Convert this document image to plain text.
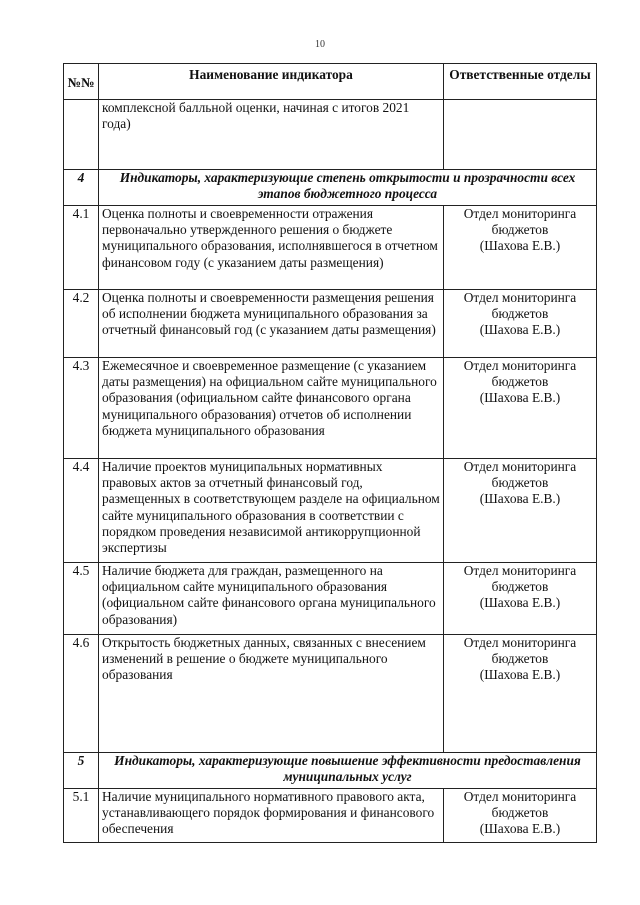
10
№№	Наименование индикатора	Ответственные отделы
	комплексной балльной оценки, начиная с итогов 2021 года)	
4	Индикаторы, характеризующие степень открытости и прозрачности всех этапов бюджетного процесса	
4.1	Оценка полноты и своевременности отражения первоначально утвержденного решения о бюджете муниципального образования, исполнявшегося в отчетном финансовом году (с указанием даты размещения)	Отдел мониторинга бюджетов
(Шахова Е.В.)

4.2	Оценка полноты и своевременности размещения решения об исполнении бюджета муниципального образования за отчетный финансовый год (с указанием даты размещения)	Отдел мониторинга бюджетов
(Шахова Е.В.)

4.3	Ежемесячное и своевременное размещение (с указанием даты размещения) на официальном сайте муниципального образования (официальном сайте финансового органа муниципального образования) отчетов об исполнении бюджета муниципального образования	Отдел мониторинга бюджетов
(Шахова Е.В.)

4.4	Наличие проектов муниципальных нормативных правовых актов за отчетный финансовый год, размещенных в соответствующем разделе на официальном сайте муниципального образования в соответствии с порядком проведения независимой антикоррупционной экспертизы	Отдел мониторинга бюджетов
(Шахова Е.В.)

4.5	Наличие бюджета для граждан, размещенного на официальном сайте муниципального образования (официальном сайте финансового органа муниципального образования)	Отдел мониторинга бюджетов
(Шахова Е.В.)

4.6	Открытость бюджетных данных, связанных с внесением изменений в решение о бюджете муниципального образования	Отдел мониторинга бюджетов
(Шахова Е.В.)

5	Индикаторы, характеризующие повышение эффективности предоставления муниципальных услуг	
5.1	Наличие муниципального нормативного правового акта, устанавливающего порядок формирования и финансового обеспечения	Отдел мониторинга бюджетов
(Шахова Е.В.)
